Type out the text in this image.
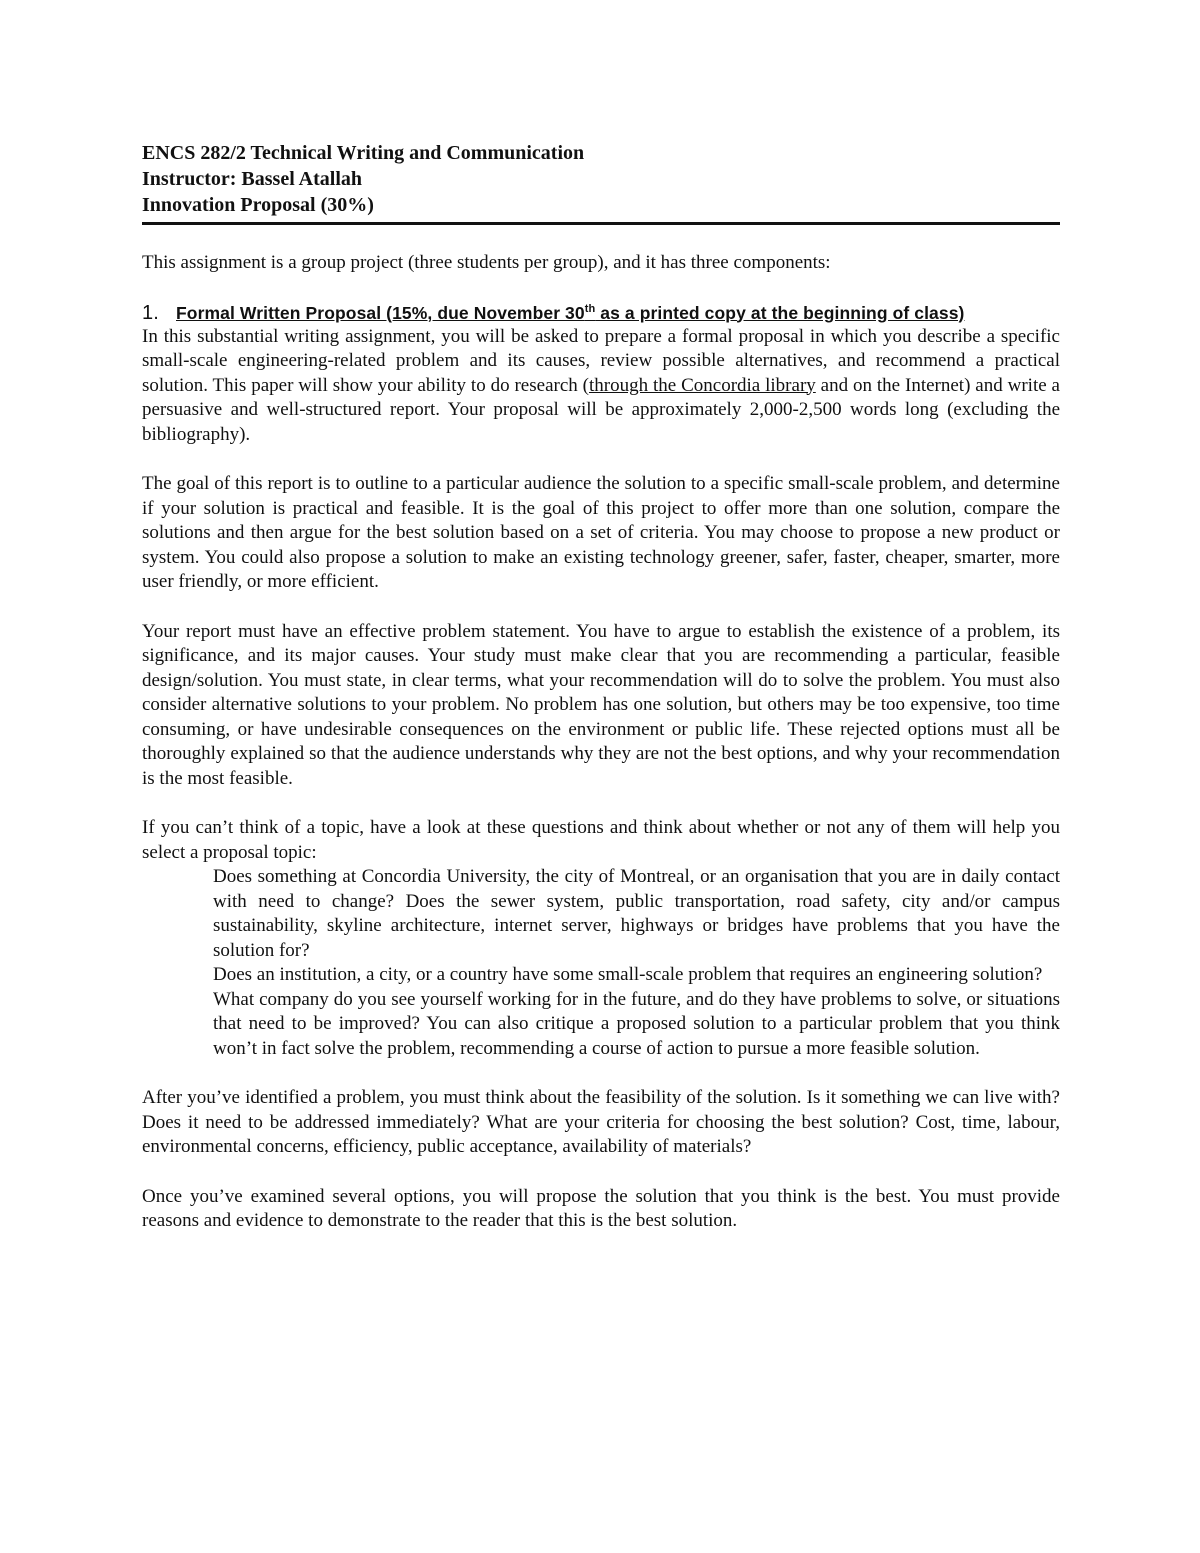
ENCS 282/2 Technical Writing and Communication

Instructor: Bassel Atallah

Innovation Proposal (30%)

This assignment is a group project (three students per group), and it has three components:

1. Formal Written Proposal (15%, due November 30th as a printed copy at the beginning of class)

In this substantial writing assignment, you will be asked to prepare a formal proposal in which you describe a specific small-scale engineering-related problem and its causes, review possible alternatives, and recommend a practical solution. This paper will show your ability to do research (through the Concordia library and on the Internet) and write a persuasive and well-structured report. Your proposal will be approximately 2,000-2,500 words long (excluding the bibliography).

The goal of this report is to outline to a particular audience the solution to a specific small-scale problem, and determine if your solution is practical and feasible. It is the goal of this project to offer more than one solution, compare the solutions and then argue for the best solution based on a set of criteria. You may choose to propose a new product or system. You could also propose a solution to make an existing technology greener, safer, faster, cheaper, smarter, more user friendly, or more efficient.

Your report must have an effective problem statement. You have to argue to establish the existence of a problem, its significance, and its major causes. Your study must make clear that you are recommending a particular, feasible design/solution. You must state, in clear terms, what your recommendation will do to solve the problem. You must also consider alternative solutions to your problem. No problem has one solution, but others may be too expensive, too time consuming, or have undesirable consequences on the environment or public life. These rejected options must all be thoroughly explained so that the audience understands why they are not the best options, and why your recommendation is the most feasible.

If you can’t think of a topic, have a look at these questions and think about whether or not any of them will help you select a proposal topic:

Does something at Concordia University, the city of Montreal, or an organisation that you are in daily contact with need to change? Does the sewer system, public transportation, road safety, city and/or campus sustainability, skyline architecture, internet server, highways or bridges have problems that you have the solution for?
Does an institution, a city, or a country have some small-scale problem that requires an engineering solution?
What company do you see yourself working for in the future, and do they have problems to solve, or situations that need to be improved? You can also critique a proposed solution to a particular problem that you think won’t in fact solve the problem, recommending a course of action to pursue a more feasible solution.

After you’ve identified a problem, you must think about the feasibility of the solution. Is it something we can live with? Does it need to be addressed immediately? What are your criteria for choosing the best solution? Cost, time, labour, environmental concerns, efficiency, public acceptance, availability of materials?

Once you’ve examined several options, you will propose the solution that you think is the best. You must provide reasons and evidence to demonstrate to the reader that this is the best solution.
